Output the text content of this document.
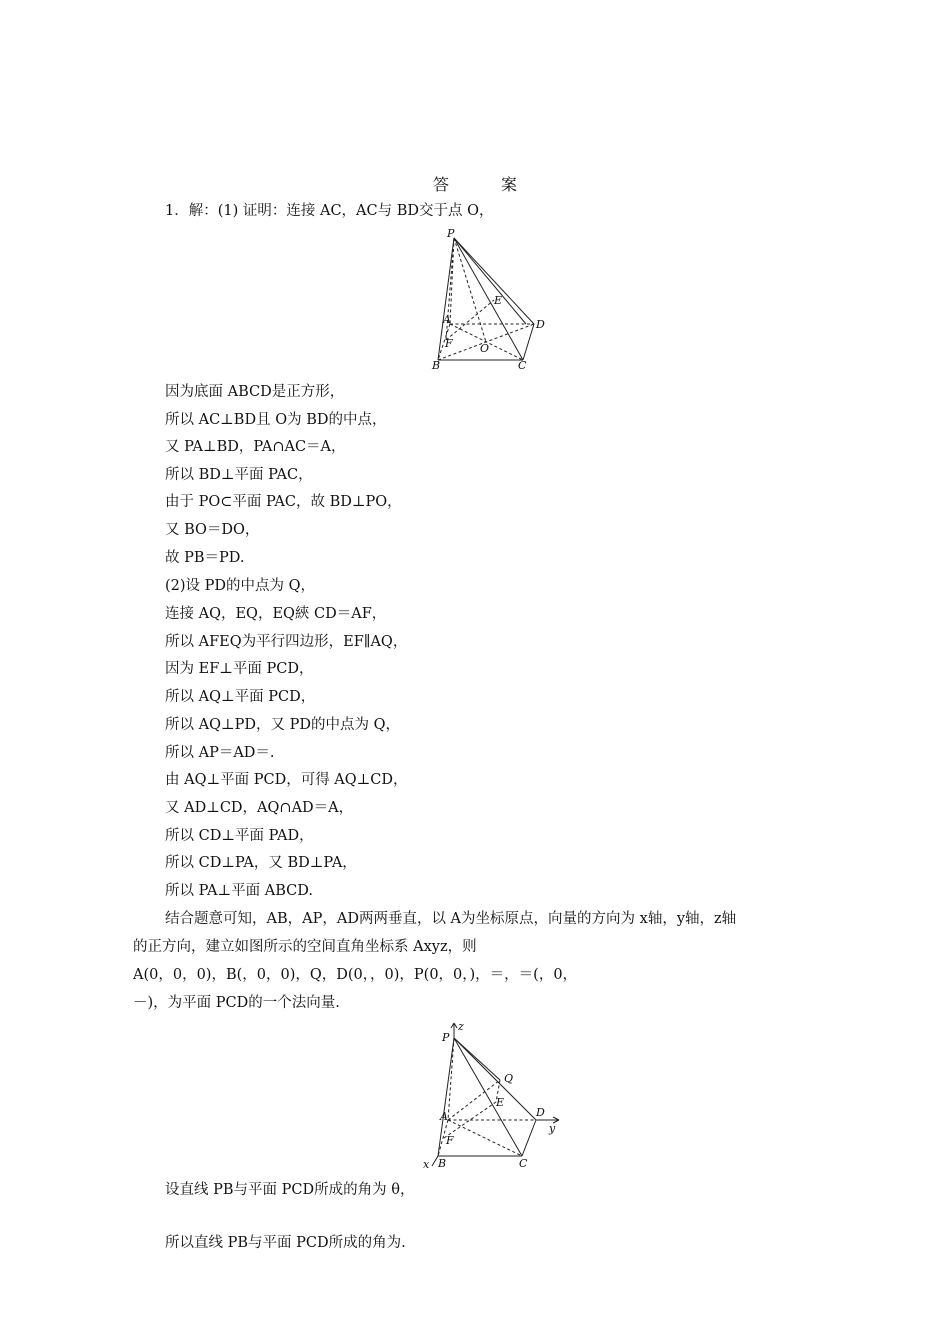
答　案
1．解：(1) 证明：连接 AC，AC与 BD交于点 O，
P
A
B	C
D
E
F O
因为底面 ABCD是正方形，
所以 AC⊥BD且 O为 BD的中点，
又 PA⊥BD，PA∩AC＝A，
所以 BD⊥平面 PAC，
由于 PO⊂平面 PAC，故 BD⊥PO，
又 BO＝DO，
故 PB＝PD.
(2)设 PD的中点为 Q，
连接 AQ，EQ，EQ綊 CD＝AF，
所以 AFEQ为平行四边形，EF∥AQ，
因为 EF⊥平面 PCD，
所以 AQ⊥平面 PCD，
所以 AQ⊥PD，又 PD的中点为 Q，
所以 AP＝AD＝.
由 AQ⊥平面 PCD，可得 AQ⊥CD，
又 AD⊥CD，AQ∩AD＝A，
所以 CD⊥平面 PAD，
所以 CD⊥PA，又 BD⊥PA，
所以 PA⊥平面 ABCD.
结合题意可知，AB，AP，AD两两垂直，以 A为坐标原点，向量的方向为 x轴，y轴，z轴
的正方向，建立如图所示的空间直角坐标系 Axyz，则
A(0，0，0)，B(，0，0)，Q，D(0，，0)，P(0，0，)，＝，＝(，0，
－)，为平面 PCD的一个法向量.
P
z
Q
E
A	D
y
F
B
x	C
设直线 PB与平面 PCD所成的角为 θ，
所以直线 PB与平面 PCD所成的角为.
